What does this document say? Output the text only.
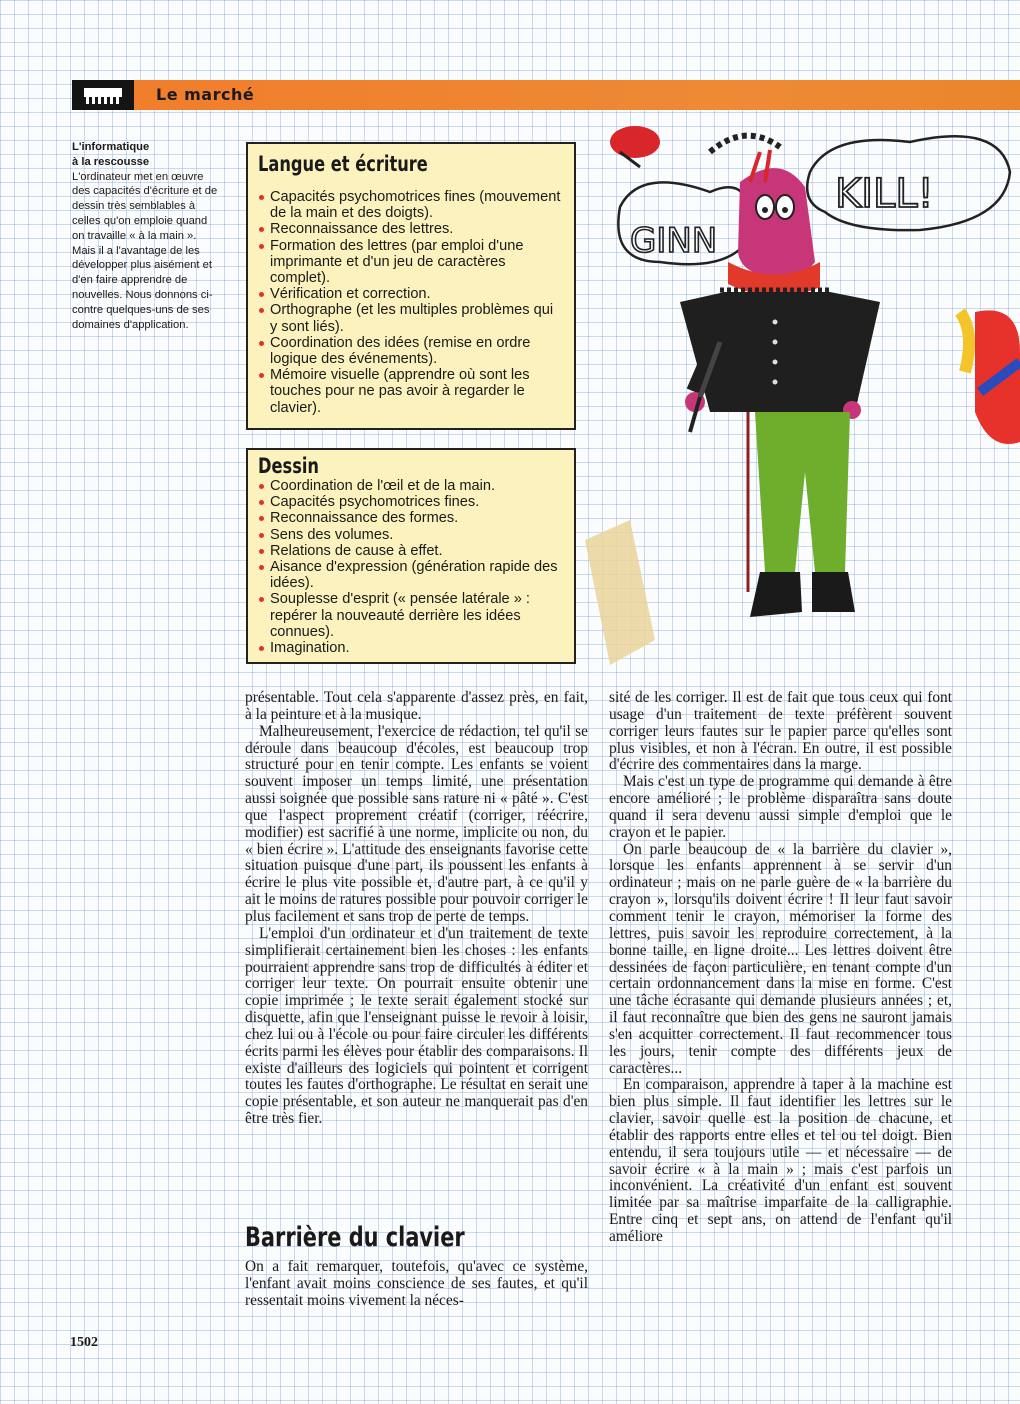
Le marché
L'informatique
à la rescousse
L'ordinateur met en œuvre des capacités d'écriture et de dessin très semblables à celles qu'on emploie quand on travaille « à la main ». Mais il a l'avantage de les développer plus aisément et d'en faire apprendre de nouvelles. Nous donnons ci-contre quelques-uns de ses domaines d'application.
Langue et écriture
Capacités psychomotrices fines (mouvement de la main et des doigts).
Reconnaissance des lettres.
Formation des lettres (par emploi d'une imprimante et d'un jeu de caractères complet).
Vérification et correction.
Orthographe (et les multiples problèmes qui y sont liés).
Coordination des idées (remise en ordre logique des événements).
Mémoire visuelle (apprendre où sont les touches pour ne pas avoir à regarder le clavier).
Dessin
Coordination de l'œil et de la main.
Capacités psychomotrices fines.
Reconnaissance des formes.
Sens des volumes.
Relations de cause à effet.
Aisance d'expression (génération rapide des idées).
Souplesse d'esprit (« pensée latérale » : repérer la nouveauté derrière les idées connues).
Imagination.
GINN
KILL!

présentable. Tout cela s'apparente d'assez près, en fait, à la peinture et à la musique.

Malheureusement, l'exercice de rédaction, tel qu'il se déroule dans beaucoup d'écoles, est beaucoup trop structuré pour en tenir compte. Les enfants se voient souvent imposer un temps limité, une présentation aussi soignée que possible sans rature ni « pâté ». C'est que l'aspect proprement créatif (corriger, réécrire, modifier) est sacrifié à une norme, implicite ou non, du « bien écrire ». L'attitude des enseignants favorise cette situation puisque d'une part, ils poussent les enfants à écrire le plus vite possible et, d'autre part, à ce qu'il y ait le moins de ratures possible pour pouvoir corriger le plus facilement et sans trop de perte de temps.

L'emploi d'un ordinateur et d'un traitement de texte simplifierait certainement bien les choses : les enfants pourraient apprendre sans trop de difficultés à éditer et corriger leur texte. On pourrait ensuite obtenir une copie imprimée ; le texte serait également stocké sur disquette, afin que l'enseignant puisse le revoir à loisir, chez lui ou à l'école ou pour faire circuler les différents écrits parmi les élèves pour établir des comparaisons. Il existe d'ailleurs des logiciels qui pointent et corrigent toutes les fautes d'orthographe. Le résultat en serait une copie présentable, et son auteur ne manquerait pas d'en être très fier.

Barrière du clavier

On a fait remarquer, toutefois, qu'avec ce système, l'enfant avait moins conscience de ses fautes, et qu'il ressentait moins vivement la néces-

sité de les corriger. Il est de fait que tous ceux qui font usage d'un traitement de texte préfèrent souvent corriger leurs fautes sur le papier parce qu'elles sont plus visibles, et non à l'écran. En outre, il est possible d'écrire des commentaires dans la marge.

Mais c'est un type de programme qui demande à être encore amélioré ; le problème disparaîtra sans doute quand il sera devenu aussi simple d'emploi que le crayon et le papier.

On parle beaucoup de « la barrière du clavier », lorsque les enfants apprennent à se servir d'un ordinateur ; mais on ne parle guère de « la barrière du crayon », lorsqu'ils doivent écrire ! Il leur faut savoir comment tenir le crayon, mémoriser la forme des lettres, puis savoir les reproduire correctement, à la bonne taille, en ligne droite... Les lettres doivent être dessinées de façon particulière, en tenant compte d'un certain ordonnancement dans la mise en forme. C'est une tâche écrasante qui demande plusieurs années ; et, il faut reconnaître que bien des gens ne sauront jamais s'en acquitter correctement. Il faut recommencer tous les jours, tenir compte des différents jeux de caractères...

En comparaison, apprendre à taper à la machine est bien plus simple. Il faut identifier les lettres sur le clavier, savoir quelle est la position de chacune, et établir des rapports entre elles et tel ou tel doigt. Bien entendu, il sera toujours utile — et nécessaire — de savoir écrire « à la main » ; mais c'est parfois un inconvénient. La créativité d'un enfant est souvent limitée par sa maîtrise imparfaite de la calligraphie. Entre cinq et sept ans, on attend de l'enfant qu'il améliore

1502
